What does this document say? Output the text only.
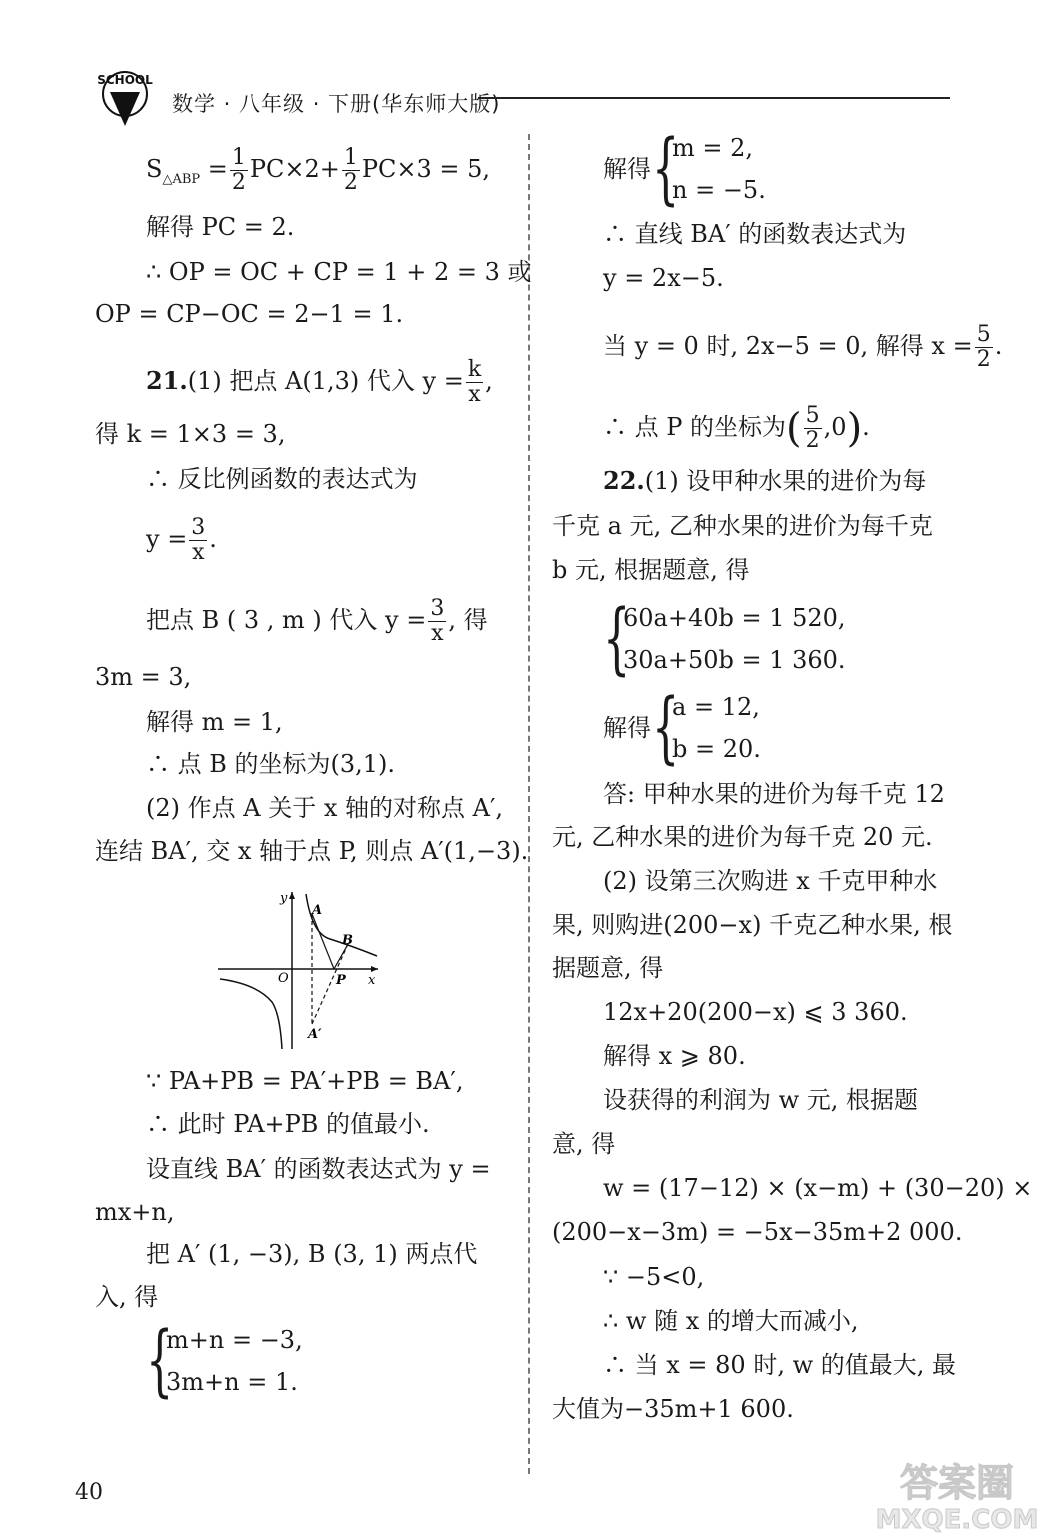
SCHOOL
数学 · 八年级 · 下册(华东师大版)
$S_{\triangle ABP} = \frac{1}{2} PC\times 2+ \frac{1}{2} PC\times 3 = 5$,
解得 PC = 2.
∴ OP = OC + CP = 1 + 2 = 3 或
OP = CP−OC = 2−1 = 1.
21.(1) 把点 A(1,3) 代入 $y = \frac{k}{x}$ ,
得 k = 1×3 = 3,
∴ 反比例函数的表达式为
$y = \frac{3}{x}$ .
把点 B ( 3 , m ) 代入 $y = \frac{3}{x}$ , 得
3m = 3,
解得 m = 1,
∴ 点 B 的坐标为(3,1).
(2) 作点 A 关于 x 轴的对称点 A′,
连结 BA′, 交 x 轴于点 P, 则点 A′(1,−3).
y
x
O
A
B
P
A′
∵ PA+PB = PA′+PB = BA′,
∴ 此时 PA+PB 的值最小.
设直线 BA′ 的函数表达式为 y =
mx+n,
把 A′ (1, −3), B (3, 1) 两点代
入, 得
{
m+n = −3,
3m+n = 1.
解得 {
m = 2,
n = −5.
∴ 直线 BA′ 的函数表达式为
y = 2x−5.
当 y = 0 时, 2x−5 = 0, 解得 $x = \frac{5}{2}$ .
∴ 点 P 的坐标为( $\frac{5}{2} ,0$).
22.(1) 设甲种水果的进价为每
千克 a 元, 乙种水果的进价为每千克
b 元, 根据题意, 得
{
60a+40b = 1 520,
30a+50b = 1 360.
解得 {
a = 12,
b = 20.
答: 甲种水果的进价为每千克 12
元, 乙种水果的进价为每千克 20 元.
(2) 设第三次购进 x 千克甲种水
果, 则购进(200−x) 千克乙种水果, 根
据题意, 得
12x+20(200−x) ⩽ 3 360.
解得 x ⩾ 80.
设获得的利润为 w 元, 根据题
意, 得
w = (17−12) × (x−m) + (30−20) ×
(200−x−3m) = −5x−35m+2 000.
∵ −5<0,
∴ w 随 x 的增大而减小,
∴ 当 x = 80 时, w 的值最大, 最
大值为−35m+1 600.
40	答案圈
MXQE.COM
